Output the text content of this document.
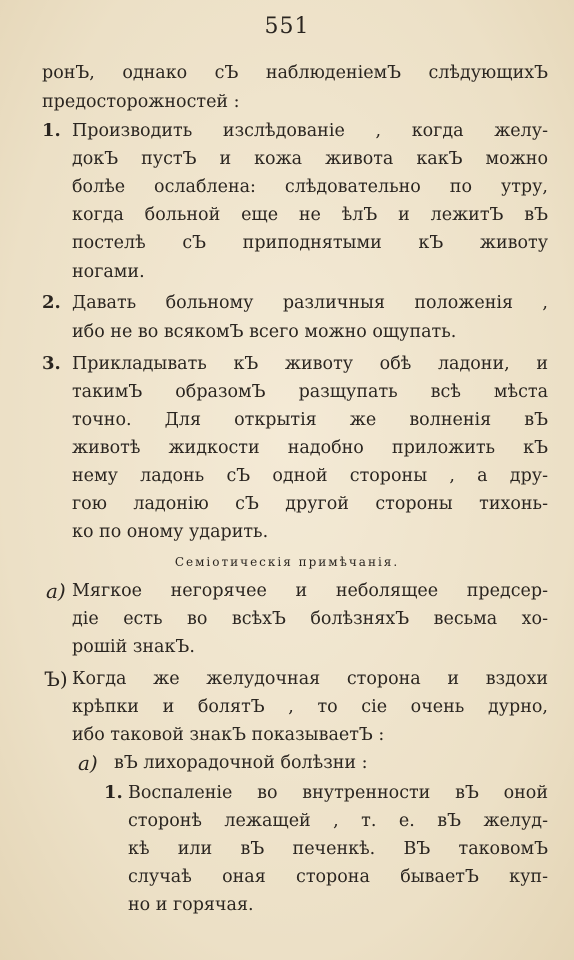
551
ронЪ, однако сЪ наблюденiемЪ слѣдующихЪ
предосторожностей :
1. Производить изслѣдованiе , когда желу-
докЪ пустЪ и кожа живота какЪ можно
болѣе ослаблена: слѣдовательно по утру,
когда больной еще не ѣлЪ и лежитЪ вЪ
постелѣ сЪ приподнятыми кЪ животу
ногами.
2. Давать больному различныя положенiя ,
ибо не во всякомЪ всего можно ощупать.
3. Прикладывать кЪ животу обѣ ладони, и
такимЪ образомЪ разщупать всѣ мѣста
точно. Для открытiя же волненiя вЪ
животѣ жидкости надобно приложить кЪ
нему ладонь сЪ одной стороны , а дру-
гою ладонiю сЪ другой стороны тихонь-
ко по оному ударить.
Семiотическiя примѣчанiя.
а) Мягкое негорячее и неболящее предсер-
дiе есть во всѣхЪ болѣзняхЪ весьма хо-
рошiй знакЪ.
Ъ) Когда же желудочная сторона и вздохи
крѣпки и болятЪ , то сiе очень дурно,
ибо таковой знакЪ показываетЪ :
а) вЪ лихорадочной болѣзни :
1. Воспаленiе во внутренности вЪ оной
сторонѣ лежащей , т. е. вЪ желуд-
кѣ или вЪ печенкѣ. ВЪ таковомЪ
случаѣ оная сторона бываетЪ куп-
но и горячая.
